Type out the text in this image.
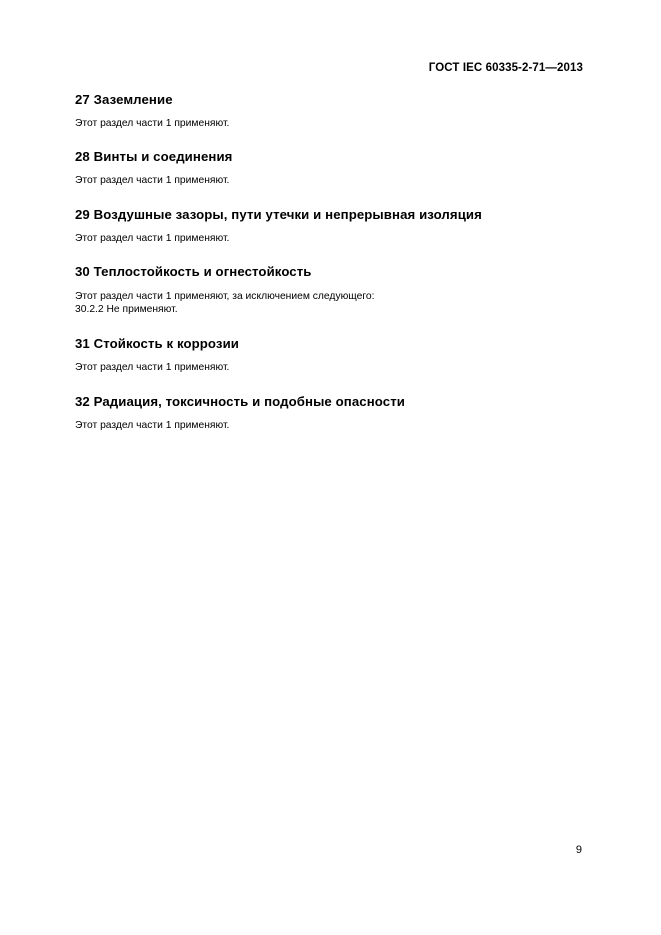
ГОСТ IEC 60335-2-71—2013

27 Заземление

Этот раздел части 1 применяют.

28 Винты и соединения

Этот раздел части 1 применяют.

29 Воздушные зазоры, пути утечки и непрерывная изоляция

Этот раздел части 1 применяют.

30 Теплостойкость и огнестойкость

Этот раздел части 1 применяют, за исключением следующего:
30.2.2 Не применяют.

31 Стойкость к коррозии

Этот раздел части 1 применяют.

32 Радиация, токсичность и подобные опасности

Этот раздел части 1 применяют.

9
